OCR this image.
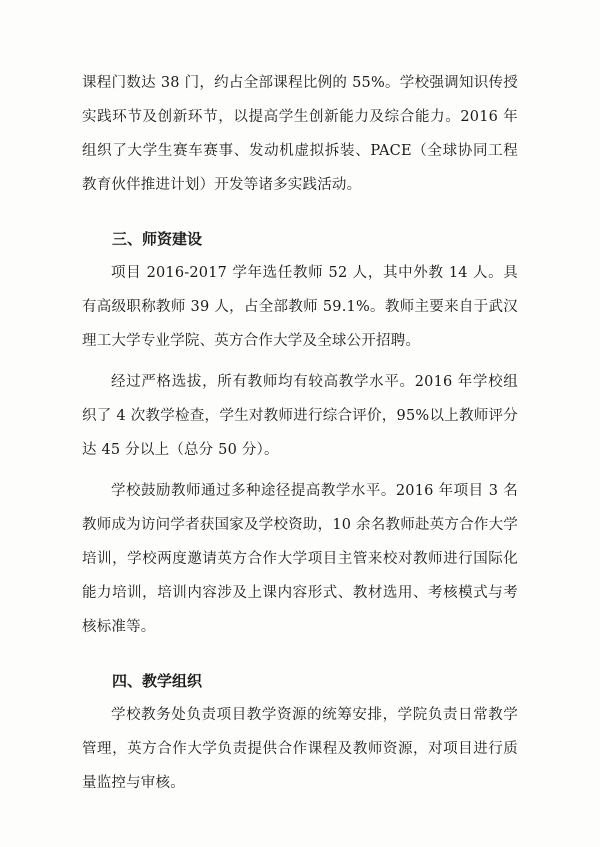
课程门数达 38 门，约占全部课程比例的 55%。学校强调知识传授实践环节及创新环节，以提高学生创新能力及综合能力。2016 年组织了大学生赛车赛事、发动机虚拟拆装、PACE（全球协同工程教育伙伴推进计划）开发等诸多实践活动。

三、师资建设

项目 2016-2017 学年选任教师 52 人，其中外教 14 人。具有高级职称教师 39 人，占全部教师 59.1%。教师主要来自于武汉理工大学专业学院、英方合作大学及全球公开招聘。

经过严格选拔，所有教师均有较高教学水平。2016 年学校组织了 4 次教学检查，学生对教师进行综合评价，95%以上教师评分达 45 分以上（总分 50 分）。

学校鼓励教师通过多种途径提高教学水平。2016 年项目 3 名教师成为访问学者获国家及学校资助，10 余名教师赴英方合作大学培训，学校两度邀请英方合作大学项目主管来校对教师进行国际化能力培训，培训内容涉及上课内容形式、教材选用、考核模式与考核标准等。

四、教学组织

学校教务处负责项目教学资源的统筹安排，学院负责日常教学管理，英方合作大学负责提供合作课程及教师资源，对项目进行质量监控与审核。
